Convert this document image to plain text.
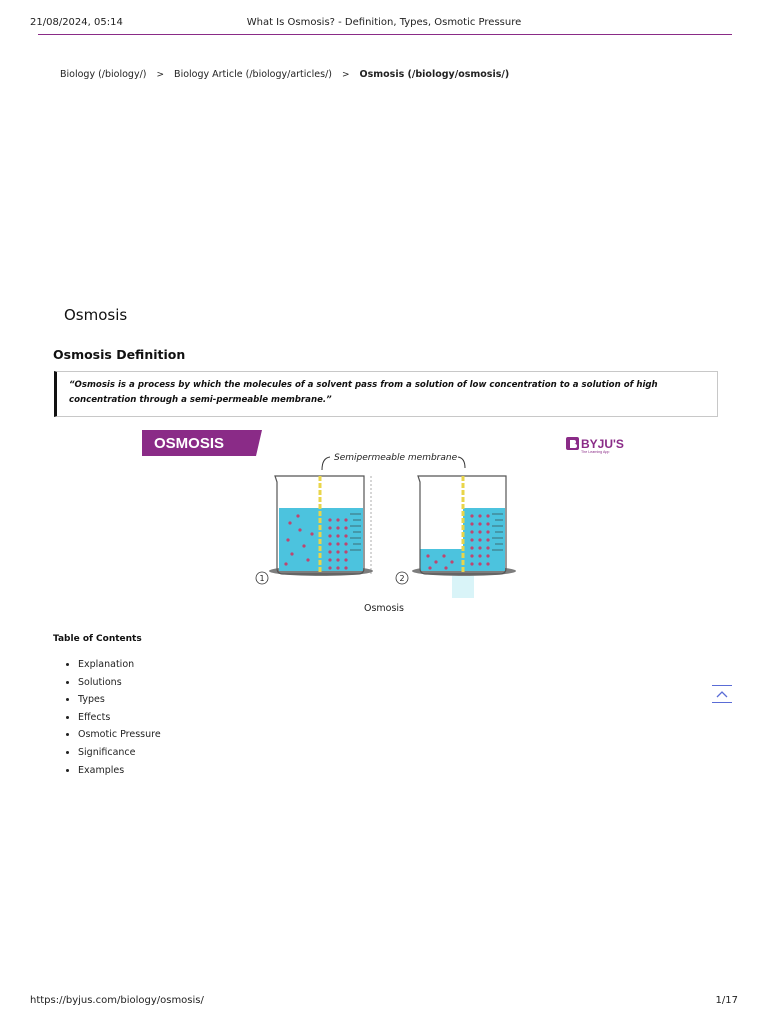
21/08/2024, 05:14	What Is Osmosis? - Definition, Types, Osmotic Pressure
Biology (/biology/) > Biology Article (/biology/articles/) > Osmosis (/biology/osmosis/)
Osmosis
Osmosis Definition
“Osmosis is a process by which the molecules of a solvent pass from a solution of low concentration to a solution of high concentration through a semi-permeable membrane.”
OSMOSIS	BYJU'S
The Learning App
Semipermeable membrane
1	2
Osmosis
Table of Contents
• Explanation
• Solutions
• Types
• Effects
• Osmotic Pressure
• Significance
• Examples
https://byjus.com/biology/osmosis/	1/17
